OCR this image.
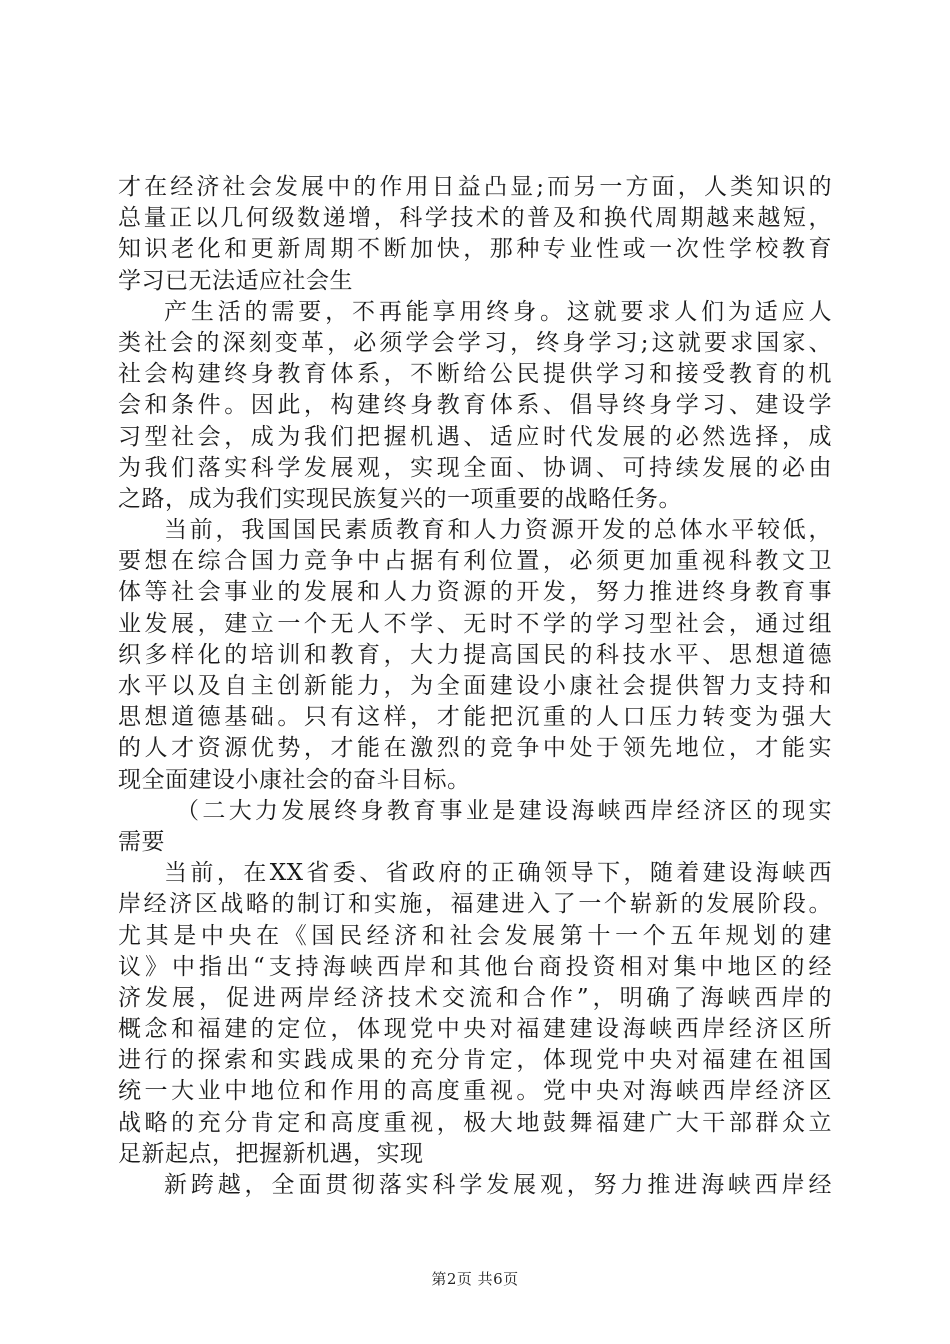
才在经济社会发展中的作用日益凸显;而另一方面，人类知识的
总量正以几何级数递增，科学技术的普及和换代周期越来越短，
知识老化和更新周期不断加快，那种专业性或一次性学校教育
学习已无法适应社会生
产生活的需要，不再能享用终身。这就要求人们为适应人
类社会的深刻变革，必须学会学习，终身学习;这就要求国家、
社会构建终身教育体系，不断给公民提供学习和接受教育的机
会和条件。因此，构建终身教育体系、倡导终身学习、建设学
习型社会，成为我们把握机遇、适应时代发展的必然选择，成
为我们落实科学发展观，实现全面、协调、可持续发展的必由
之路，成为我们实现民族复兴的一项重要的战略任务。
当前，我国国民素质教育和人力资源开发的总体水平较低，
要想在综合国力竞争中占据有利位置，必须更加重视科教文卫
体等社会事业的发展和人力资源的开发，努力推进终身教育事
业发展，建立一个无人不学、无时不学的学习型社会，通过组
织多样化的培训和教育，大力提高国民的科技水平、思想道德
水平以及自主创新能力，为全面建设小康社会提供智力支持和
思想道德基础。只有这样，才能把沉重的人口压力转变为强大
的人才资源优势，才能在激烈的竞争中处于领先地位，才能实
现全面建设小康社会的奋斗目标。
（二大力发展终身教育事业是建设海峡西岸经济区的现实
需要
当前，在XX省委、省政府的正确领导下，随着建设海峡西
岸经济区战略的制订和实施，福建进入了一个崭新的发展阶段。
尤其是中央在《国民经济和社会发展第十一个五年规划的建
议》中指出“支持海峡西岸和其他台商投资相对集中地区的经
济发展，促进两岸经济技术交流和合作”，明确了海峡西岸的
概念和福建的定位，体现党中央对福建建设海峡西岸经济区所
进行的探索和实践成果的充分肯定，体现党中央对福建在祖国
统一大业中地位和作用的高度重视。党中央对海峡西岸经济区
战略的充分肯定和高度重视，极大地鼓舞福建广大干部群众立
足新起点，把握新机遇，实现
新跨越，全面贯彻落实科学发展观，努力推进海峡西岸经
第2页 共6页
